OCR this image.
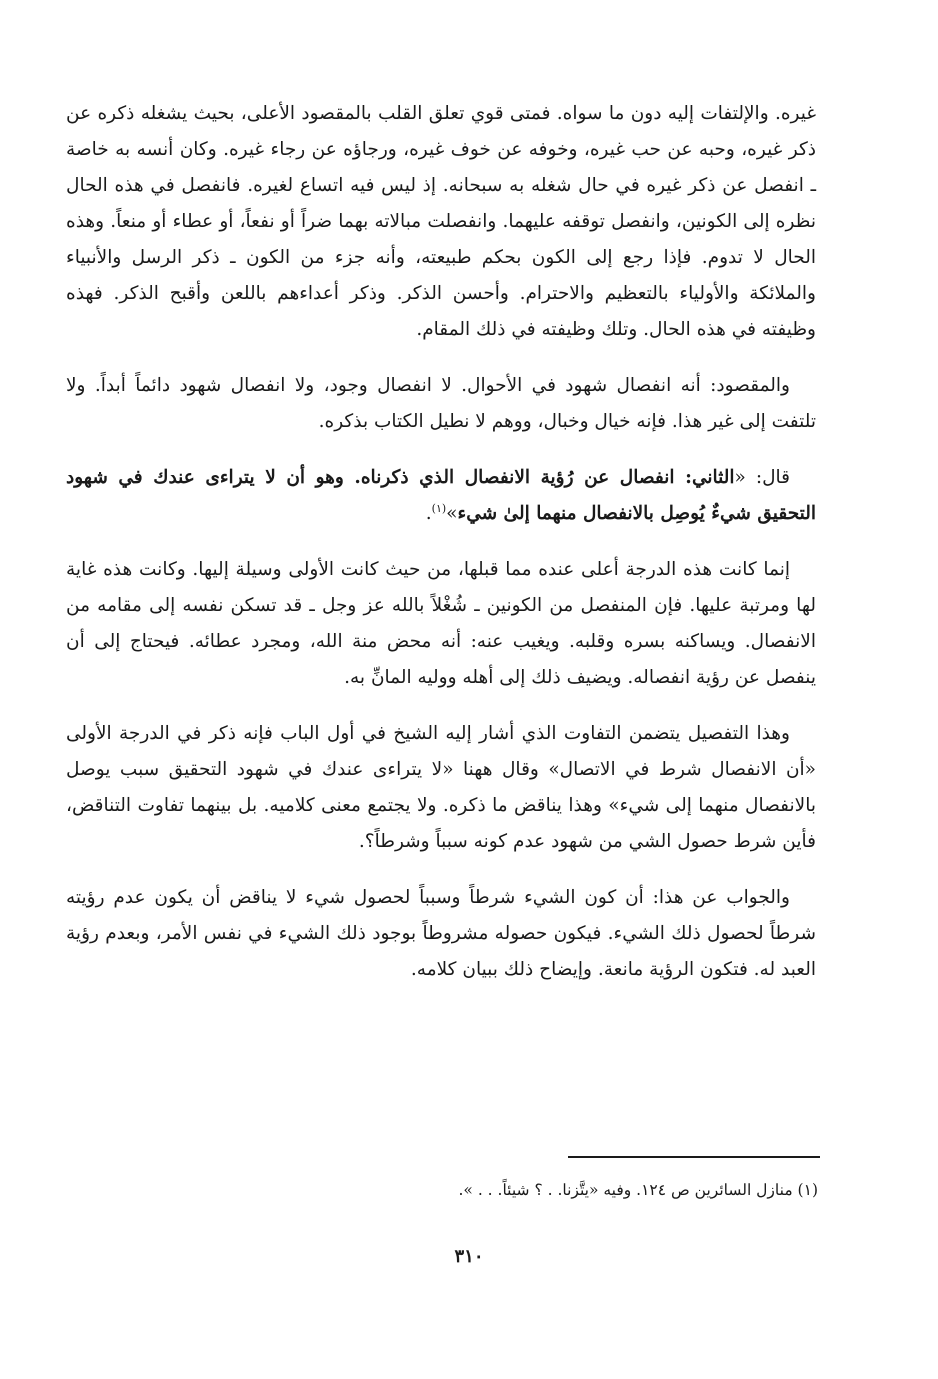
غيره. والإلتفات إليه دون ما سواه. فمتى قوي تعلق القلب بالمقصود الأعلى، بحيث يشغله ذكره عن ذكر غيره، وحبه عن حب غيره، وخوفه عن خوف غيره، ورجاؤه عن رجاء غيره. وكان أنسه به خاصة ـ انفصل عن ذكر غيره في حال شغله به سبحانه. إذ ليس فيه اتساع لغيره. فانفصل في هذه الحال نظره إلى الكونين، وانفصل توقفه عليهما. وانفصلت مبالاته بهما ضراً أو نفعاً، أو عطاء أو منعاً. وهذه الحال لا تدوم. فإذا رجع إلى الكون بحكم طبيعته، وأنه جزء من الكون ـ ذكر الرسل والأنبياء والملائكة والأولياء بالتعظيم والاحترام. وأحسن الذكر. وذكر أعداءهم باللعن وأقبح الذكر. فهذه وظيفته في هذه الحال. وتلك وظيفته في ذلك المقام.

والمقصود: أنه انفصال شهود في الأحوال. لا انفصال وجود، ولا انفصال شهود دائماً أبداً. ولا تلتفت إلى غير هذا. فإنه خيال وخبال، ووهم لا نطيل الكتاب بذكره.

قال: «الثاني: انفصال عن رُؤية الانفصال الذي ذكرناه. وهو أن لا يتراءى عندك في شهود التحقيق شيءٌ يُوصِل بالانفصال منهما إلىٰ شيء»$^{(١)}$.

إنما كانت هذه الدرجة أعلى عنده مما قبلها، من حيث كانت الأولى وسيلة إليها. وكانت هذه غاية لها ومرتبة عليها. فإن المنفصل من الكونين ـ شُغْلاً بالله عز وجل ـ قد تسكن نفسه إلى مقامه من الانفصال. ويساكنه بسره وقلبه. ويغيب عنه: أنه محض منة الله، ومجرد عطائه. فيحتاج إلى أن ينفصل عن رؤية انفصاله. ويضيف ذلك إلى أهله ووليه المانِّ به.

وهذا التفصيل يتضمن التفاوت الذي أشار إليه الشيخ في أول الباب فإنه ذكر في الدرجة الأولى «أن الانفصال شرط في الاتصال» وقال ههنا «لا يتراءى عندك في شهود التحقيق سبب يوصل بالانفصال منهما إلى شيء» وهذا يناقض ما ذكره. ولا يجتمع معنى كلاميه. بل بينهما تفاوت التناقض، فأين شرط حصول الشي من شهود عدم كونه سبباً وشرطاً؟.

والجواب عن هذا: أن كون الشيء شرطاً وسبباً لحصول شيء لا يناقض أن يكون عدم رؤيته شرطاً لحصول ذلك الشيء. فيكون حصوله مشروطاً بوجود ذلك الشيء في نفس الأمر، وبعدم رؤية العبد له. فتكون الرؤية مانعة. وإيضاح ذلك ببيان كلامه.

(١) منازل السائرين ص ١٢٤. وفيه «يتَّزنا. . ؟ شيئاً. . . ».
٣١٠
